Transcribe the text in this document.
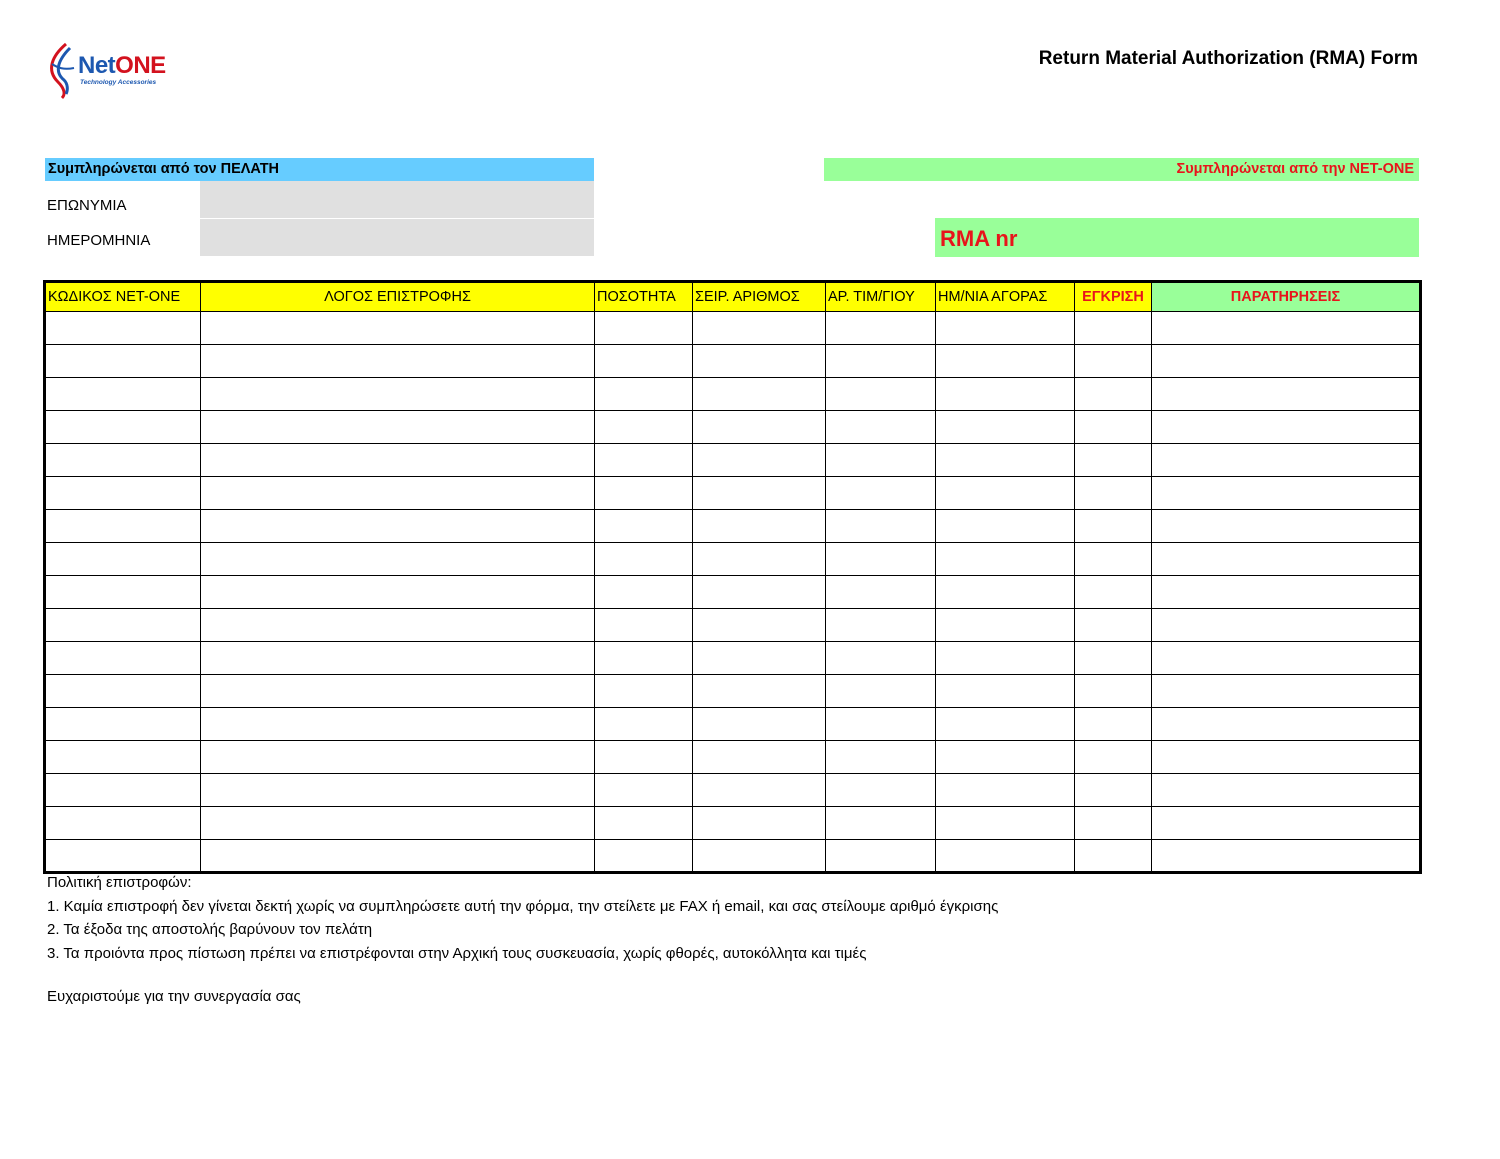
NetONE
Technology Accessories
Return Material Authorization (RMA) Form
Συμπληρώνεται από τον ΠΕΛΑΤΗ	Συμπληρώνεται από την NET-ONE
ΕΠΩΝΥΜΙΑ
ΗΜΕΡΟΜΗΝΙΑ	RMA nr
ΚΩΔΙΚΟΣ NET-ONE	ΛΟΓΟΣ ΕΠΙΣΤΡΟΦΗΣ	ΠΟΣΟΤΗΤΑ	ΣΕΙΡ. ΑΡΙΘΜΟΣ	ΑΡ. ΤΙΜ/ΓΙΟΥ	ΗΜ/ΝΙΑ ΑΓΟΡΑΣ	ΕΓΚΡΙΣΗ	ΠΑΡΑΤΗΡΗΣΕΙΣ

Πολιτική επιστροφών:
1. Καμία επιστροφή δεν γίνεται δεκτή χωρίς να συμπληρώσετε αυτή την φόρμα, την στείλετε με FAX ή email, και σας στείλουμε αριθμό έγκρισης
2. Τα έξοδα της αποστολής βαρύνουν τον πελάτη
3. Τα προιόντα προς πίστωση πρέπει να επιστρέφονται στην Αρχική τους συσκευασία, χωρίς φθορές, αυτοκόλλητα και τιμές
Ευχαριστούμε για την συνεργασία σας
